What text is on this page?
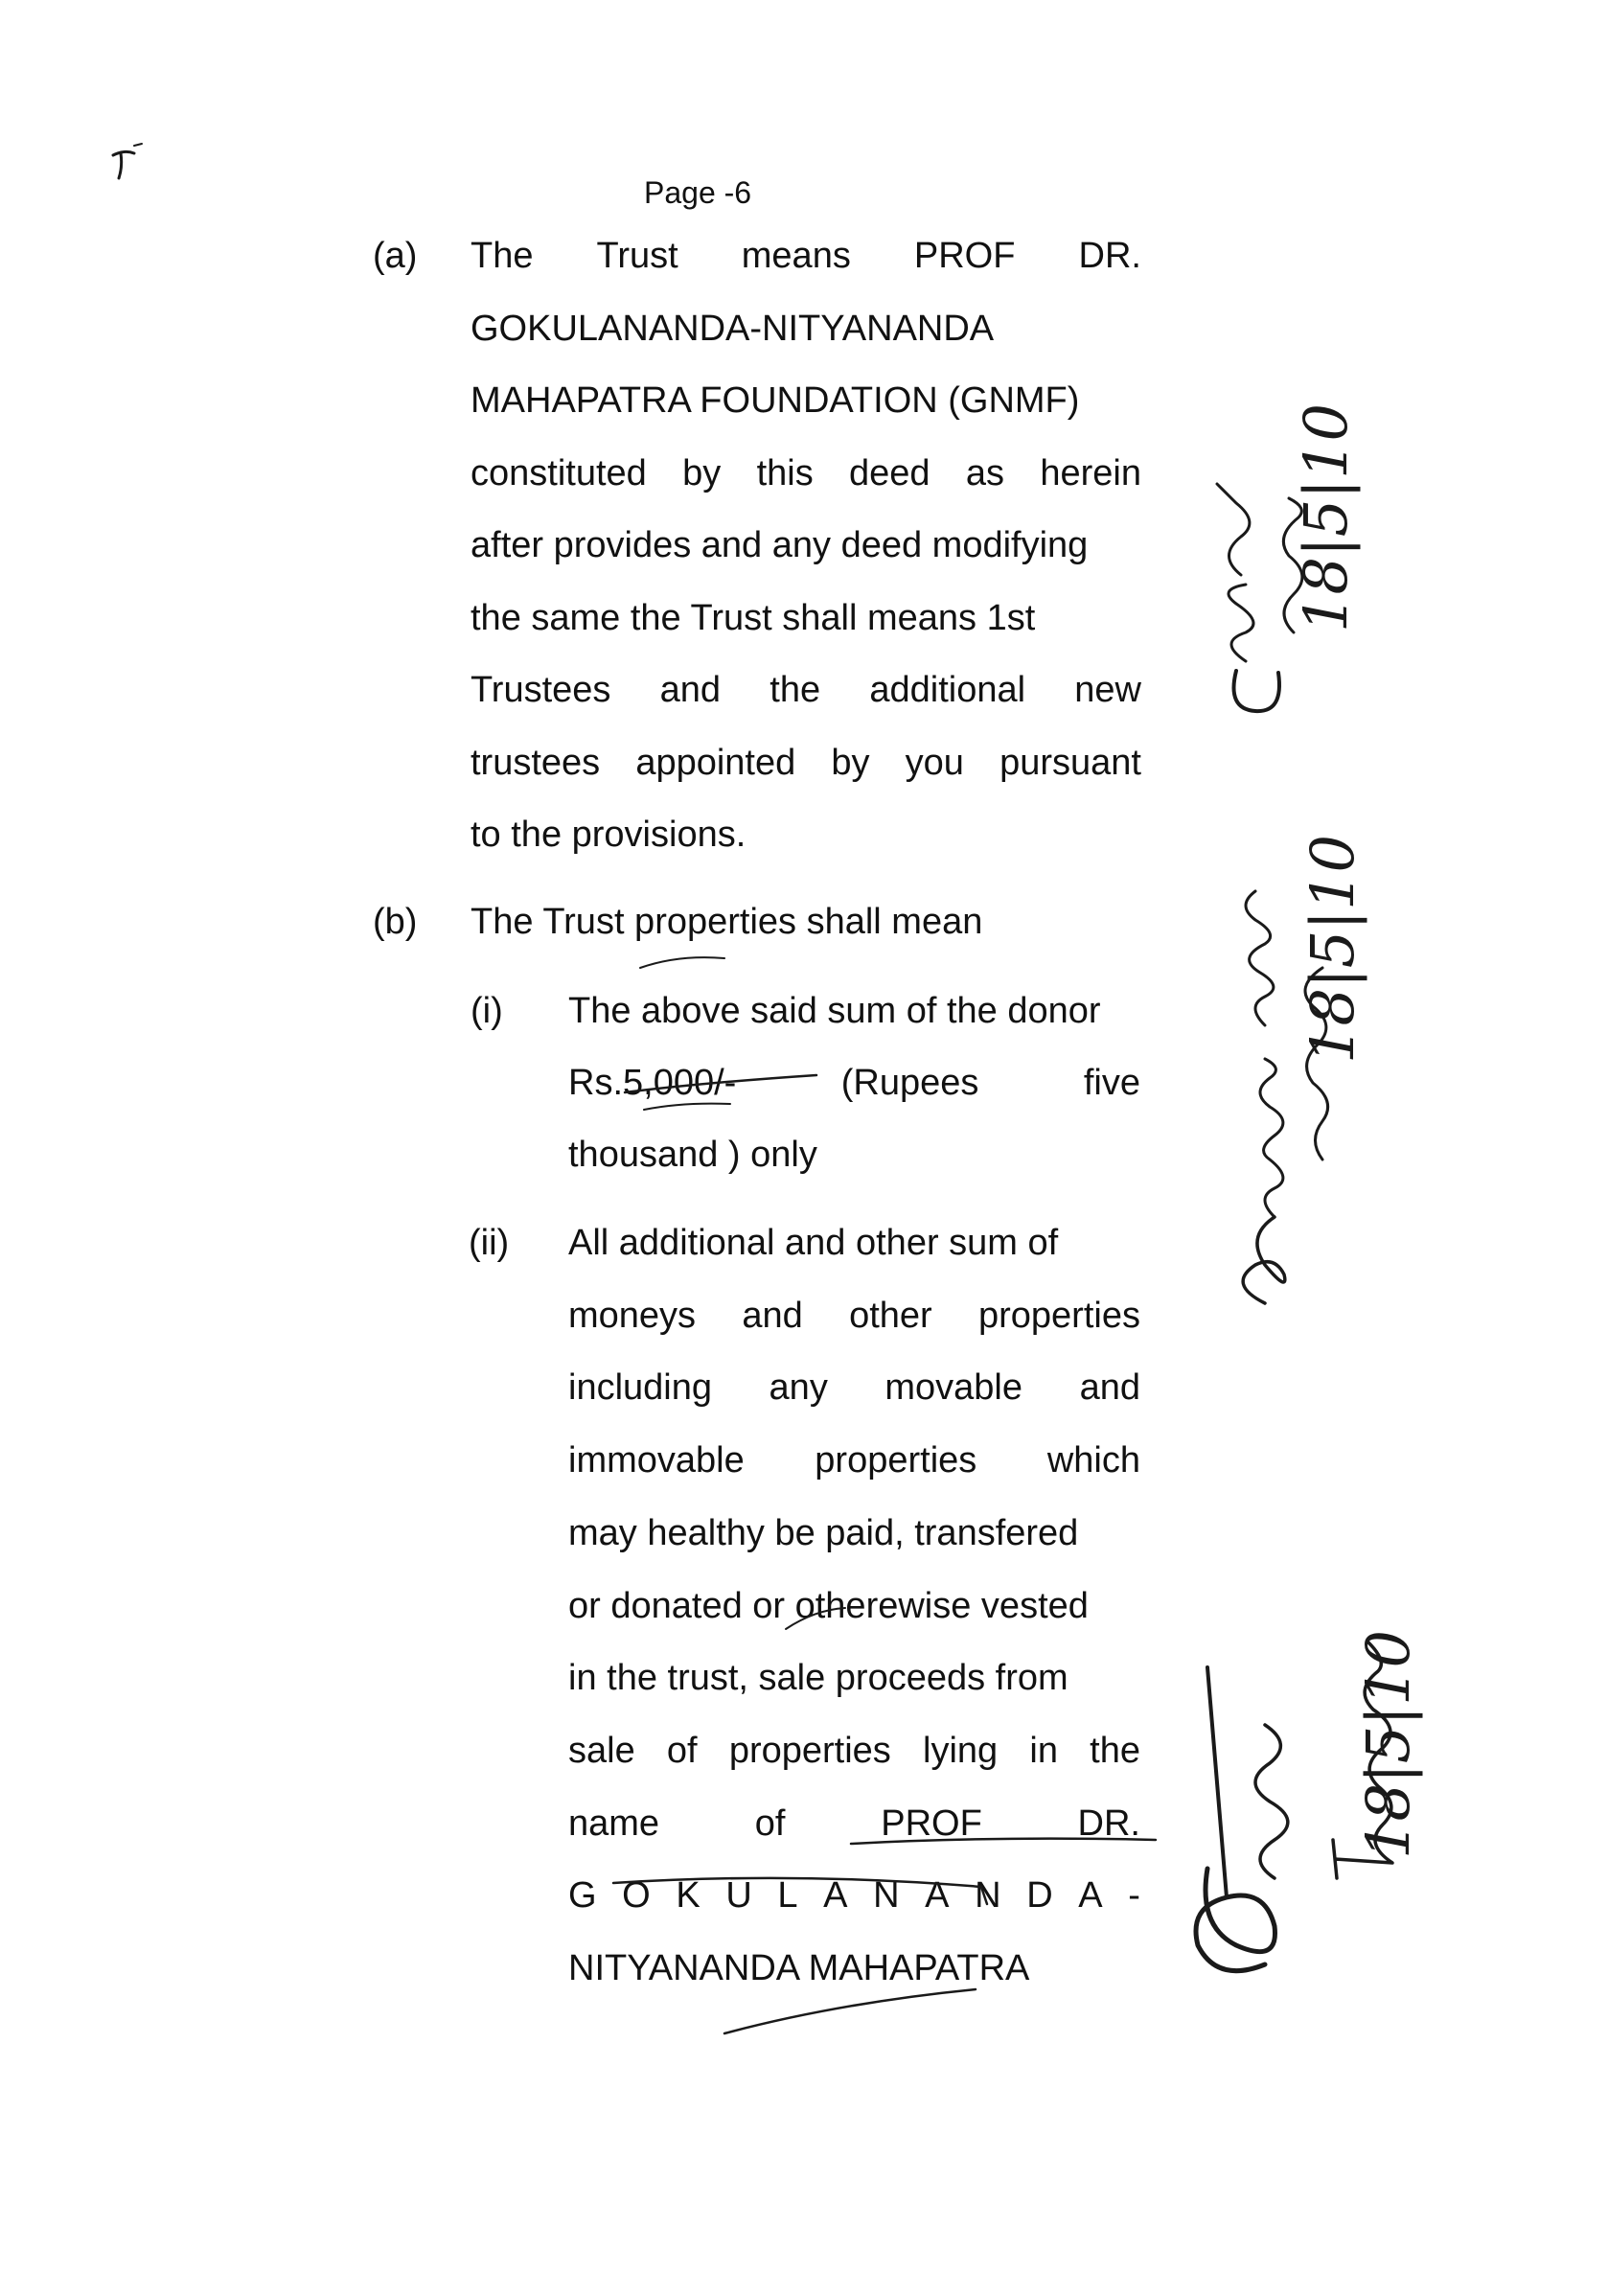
Page -6
(a) The Trust means PROF DR.
GOKULANANDA-NITYANANDA
MAHAPATRA FOUNDATION (GNMF)
constituted by this deed as herein
after provides and any deed modifying
the same the Trust shall means 1st
Trustees and the additional new
trustees appointed by you pursuant
to the provisions.
(b) The Trust properties shall mean
(i) The above said sum of the donor
Rs.5,000/-	(Rupees	five
thousand ) only
(ii) All additional and other sum of
moneys and other properties
including any movable and
immovable properties which
may healthy be paid, transfered
or donated or otherewise vested
in the trust, sale proceeds from
sale of properties lying in the
name	of	PROF	DR.
G O K U L A N A N D A -
NITYANANDA MAHAPATRA
18|5|10
18|5|10
18|5|10
